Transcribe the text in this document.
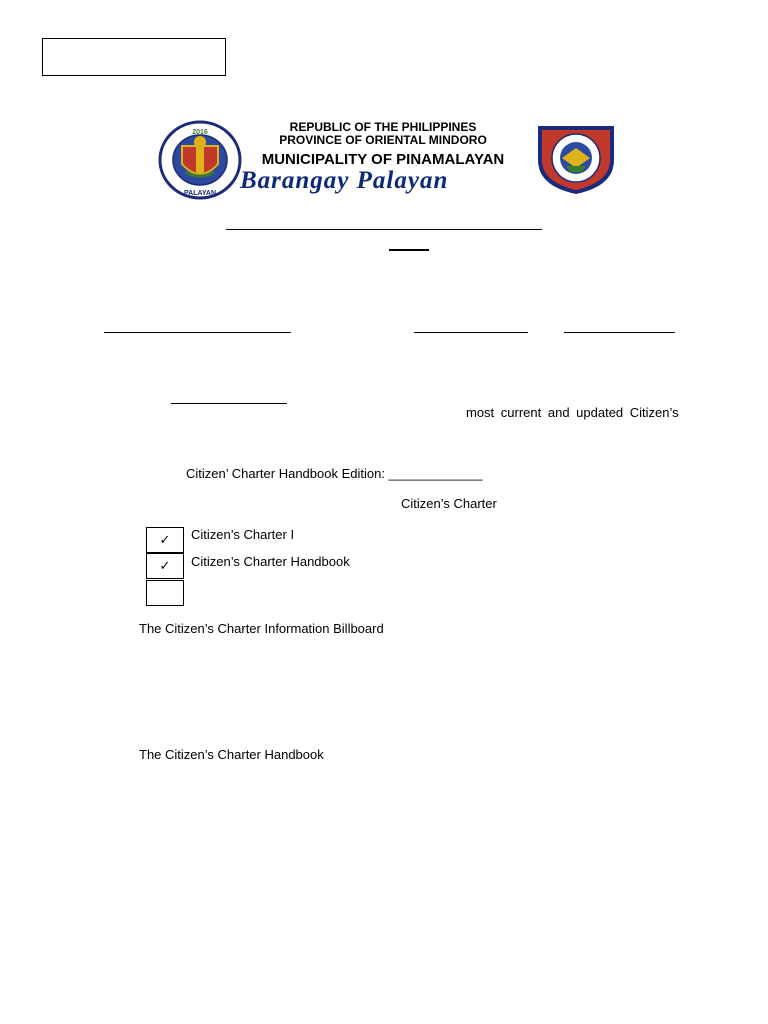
2016
PALAYAN
REPUBLIC OF THE PHILIPPINES
PROVINCE OF ORIENTAL MINDORO
MUNICIPALITY OF PINAMALAYAN
Barangay Palayan
most current and updated Citizen’s
Citizen’ Charter Handbook Edition: _____________
Citizen’s Charter
✓ Citizen’s Charter I
✓ Citizen’s Charter Handbook
The Citizen’s Charter Information Billboard
The Citizen’s Charter Handbook
